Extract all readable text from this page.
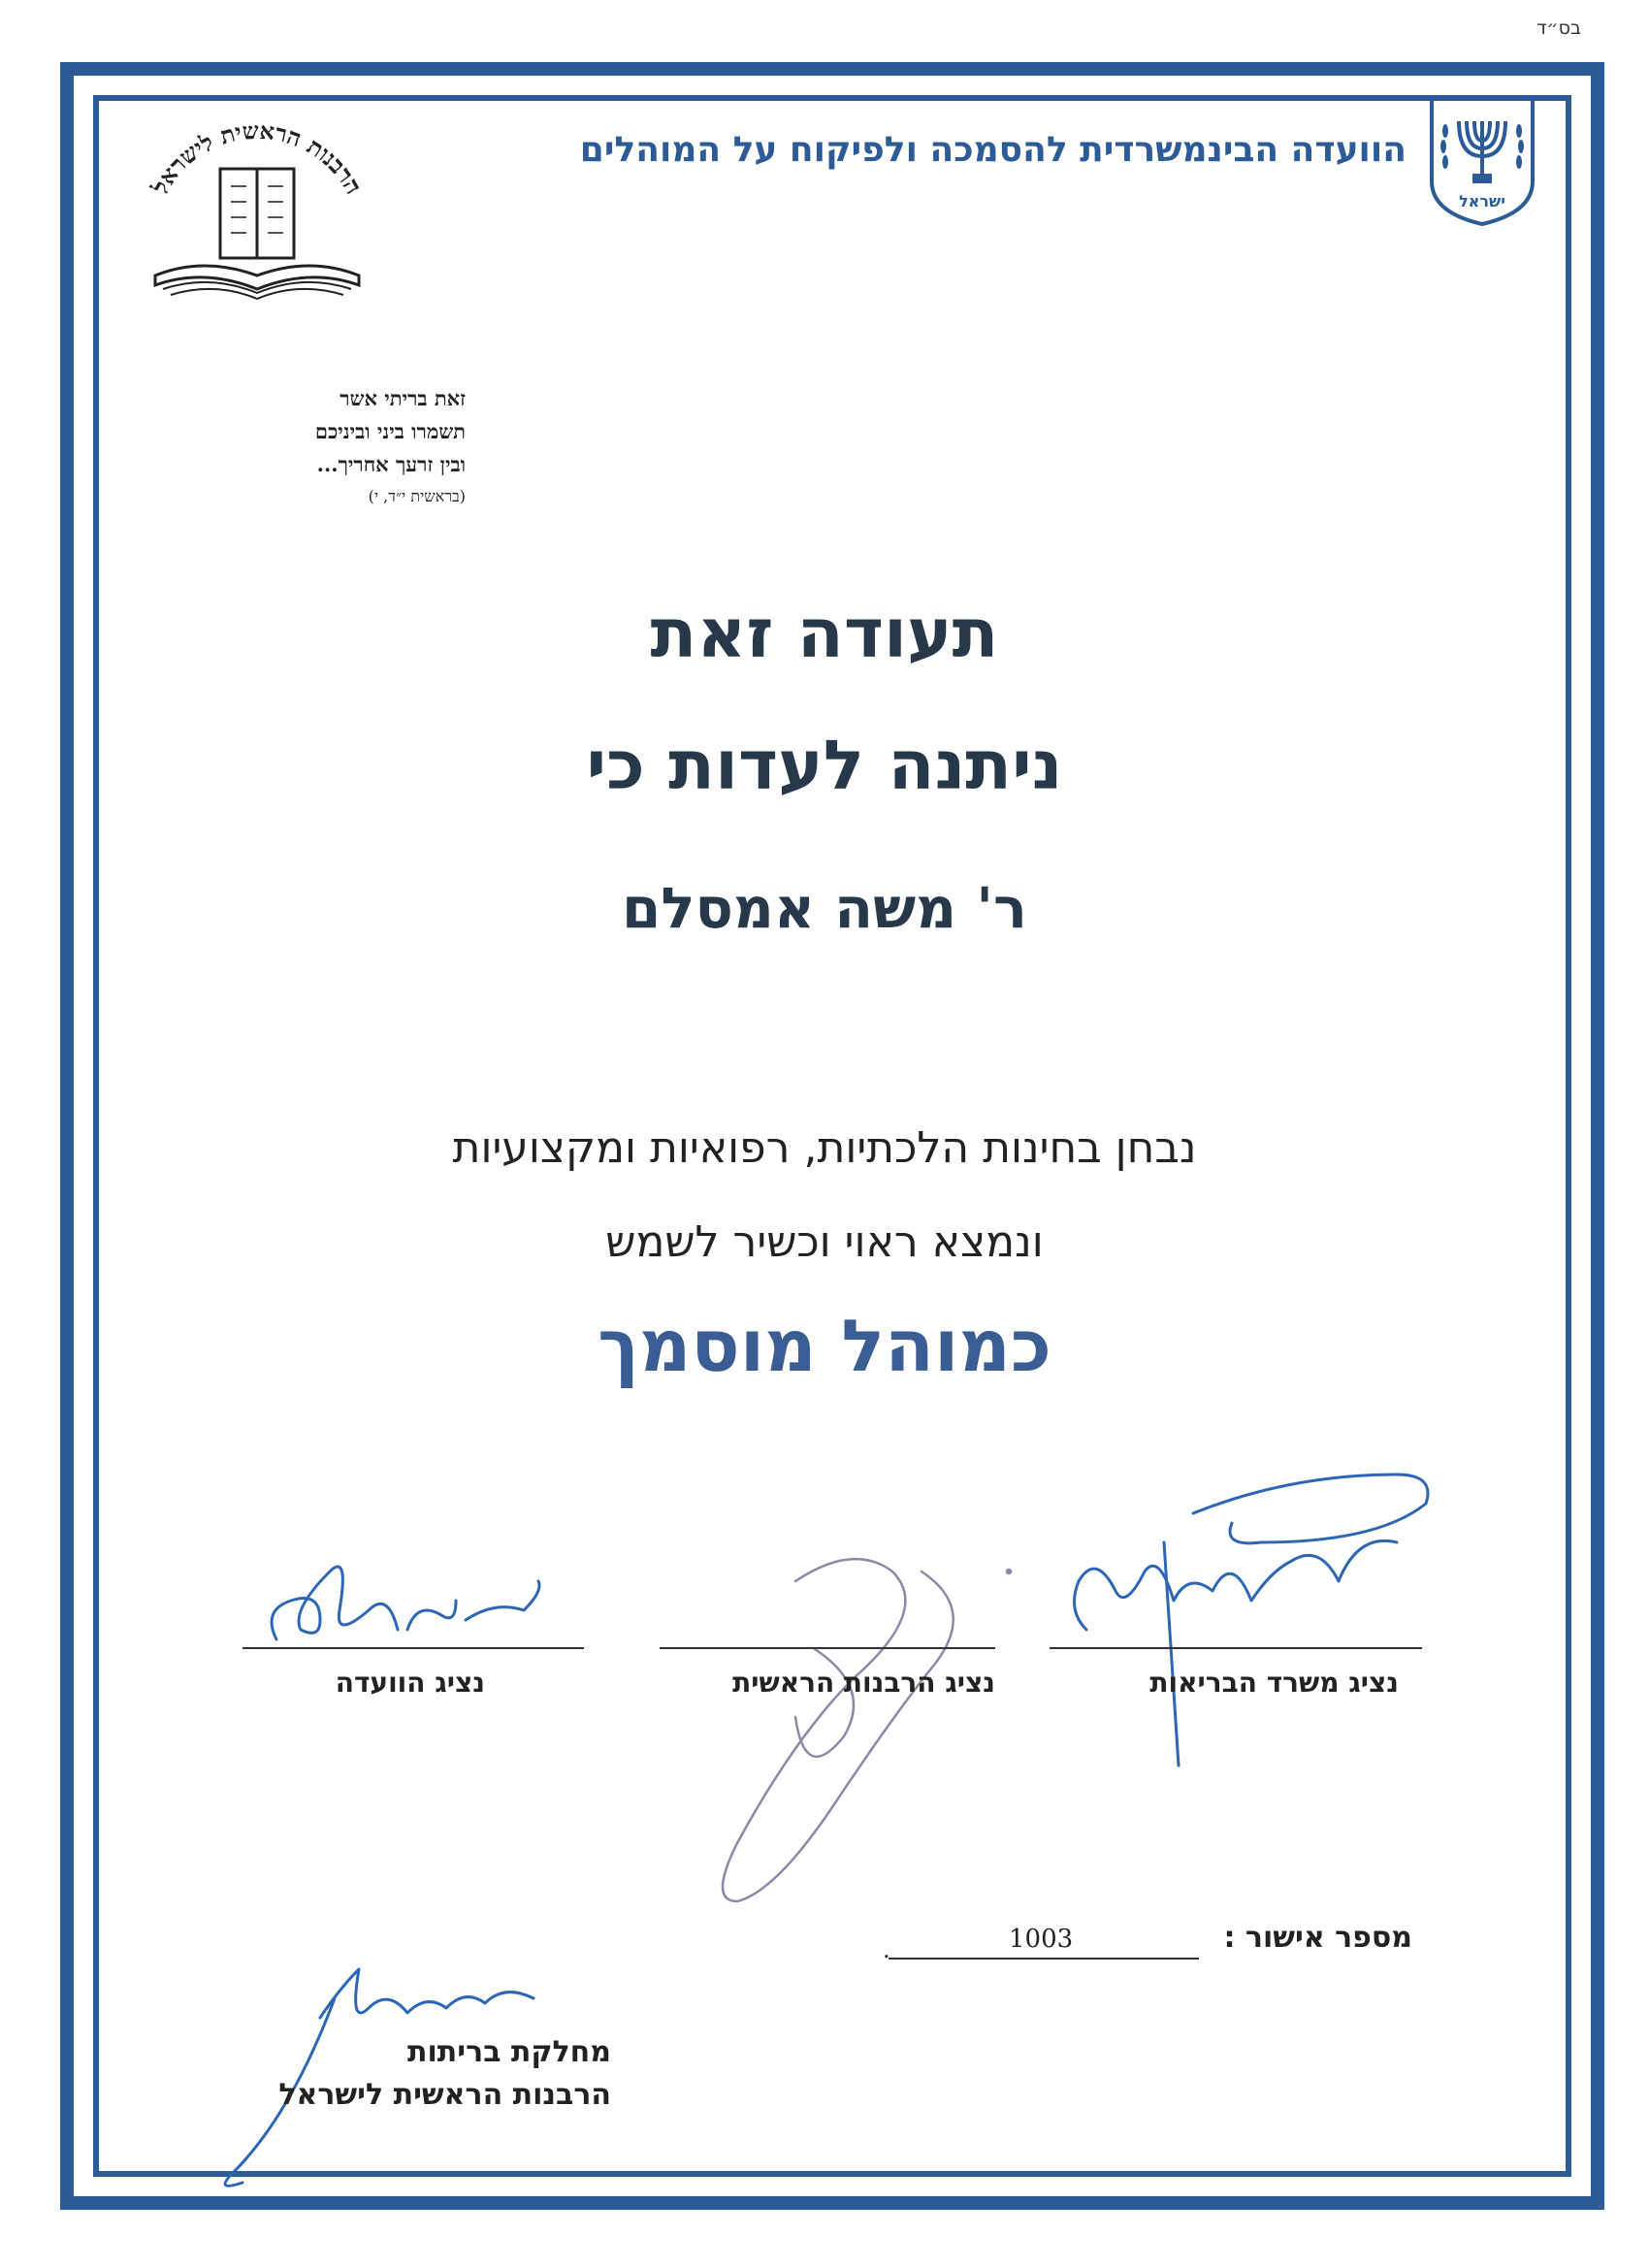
בס״ד
ישראל
הוועדה הבינמשרדית להסמכה ולפיקוח על המוהלים
הרבנות הראשית לישראל
זאת בריתי אשר
תשמרו ביני וביניכם
ובין זרעך אחריך...
(בראשית י״ד, י)
תעודה זאת
ניתנה לעדות כי
ר' משה אמסלם
נבחן בחינות הלכתיות, רפואיות ומקצועיות
ונמצא ראוי וכשיר לשמש
כמוהל מוסמך
נציג משרד הבריאות
נציג הרבנות הראשית
נציג הוועדה
מספר אישור :
1003
.
מחלקת בריתות
הרבנות הראשית לישראל
